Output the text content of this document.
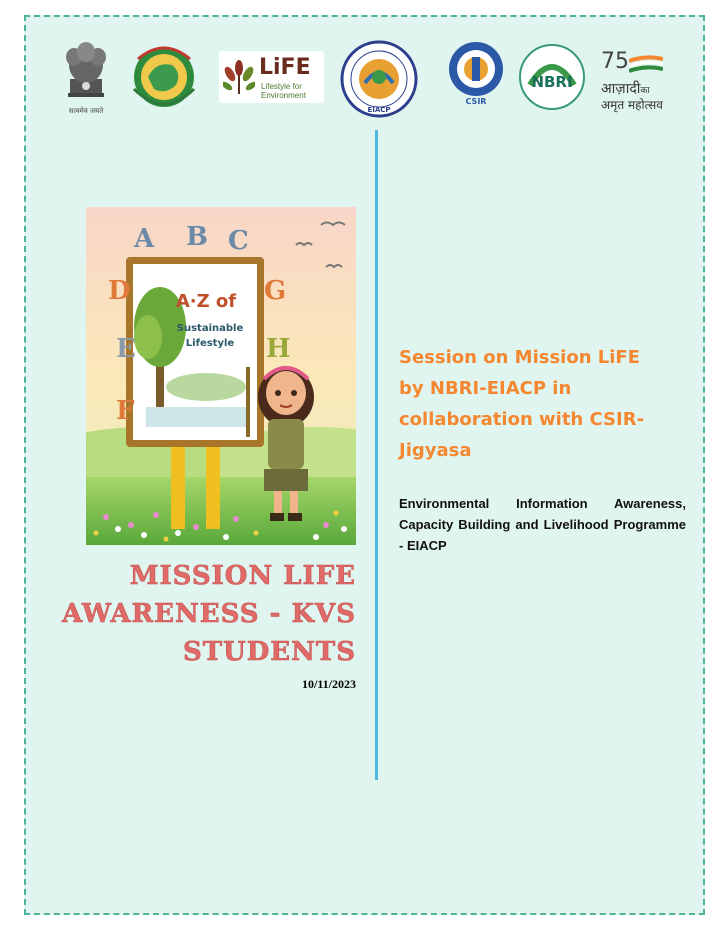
सत्यमेव जयते
LiFE
Lifestyle for
Environment
EIACP
CSIR
NBRI
75
आज़ादीका
अमृत महोत्सव
A·Z of
Sustainable
Lifestyle
A B C
D
E
F
G
H
MISSION LIFE
AWARENESS - KVS
STUDENTS
10/11/2023
Session on Mission LiFE
by NBRI-EIACP in
collaboration with CSIR-
Jigyasa
Environmental Information Awareness, Capacity Building and Livelihood Programme - EIACP
